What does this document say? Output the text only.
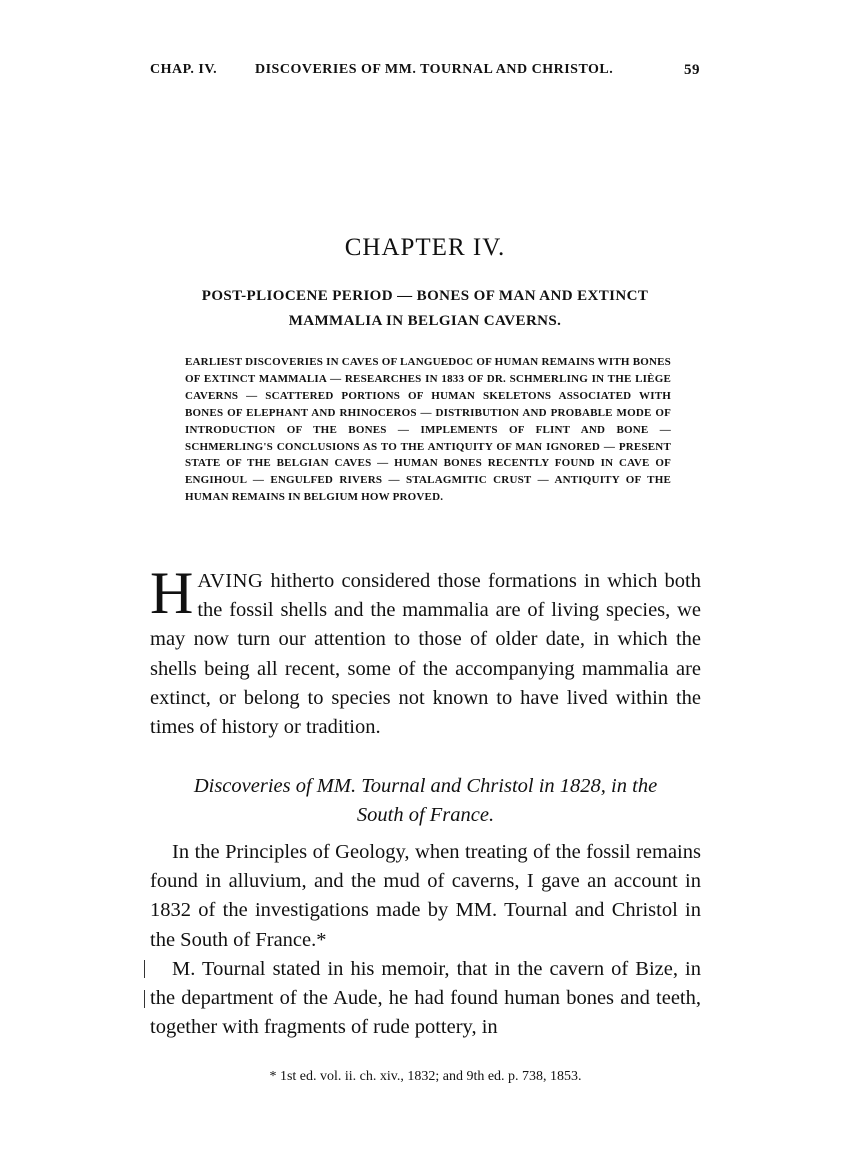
CHAP. IV.	DISCOVERIES OF MM. TOURNAL AND CHRISTOL.	59
CHAPTER IV.
POST-PLIOCENE PERIOD — BONES OF MAN AND EXTINCT MAMMALIA IN BELGIAN CAVERNS.
EARLIEST DISCOVERIES IN CAVES OF LANGUEDOC OF HUMAN REMAINS WITH BONES OF EXTINCT MAMMALIA — RESEARCHES IN 1833 OF DR. SCHMERLING IN THE LIÈGE CAVERNS — SCATTERED PORTIONS OF HUMAN SKELETONS ASSOCIATED WITH BONES OF ELEPHANT AND RHINOCEROS — DISTRIBUTION AND PROBABLE MODE OF INTRODUCTION OF THE BONES — IMPLEMENTS OF FLINT AND BONE — SCHMERLING'S CONCLUSIONS AS TO THE ANTIQUITY OF MAN IGNORED — PRESENT STATE OF THE BELGIAN CAVES — HUMAN BONES RECENTLY FOUND IN CAVE OF ENGIHOUL — ENGULFED RIVERS — STALAGMITIC CRUST — ANTIQUITY OF THE HUMAN REMAINS IN BELGIUM HOW PROVED.
HAVING hitherto considered those formations in which both the fossil shells and the mammalia are of living species, we may now turn our attention to those of older date, in which the shells being all recent, some of the accompanying mammalia are extinct, or belong to species not known to have lived within the times of history or tradition.
Discoveries of MM. Tournal and Christol in 1828, in the
South of France.
In the Principles of Geology, when treating of the fossil remains found in alluvium, and the mud of caverns, I gave an account in 1832 of the investigations made by MM. Tournal and Christol in the South of France.*
M. Tournal stated in his memoir, that in the cavern of Bize, in the department of the Aude, he had found human bones and teeth, together with fragments of rude pottery, in
* 1st ed. vol. ii. ch. xiv., 1832; and 9th ed. p. 738, 1853.
